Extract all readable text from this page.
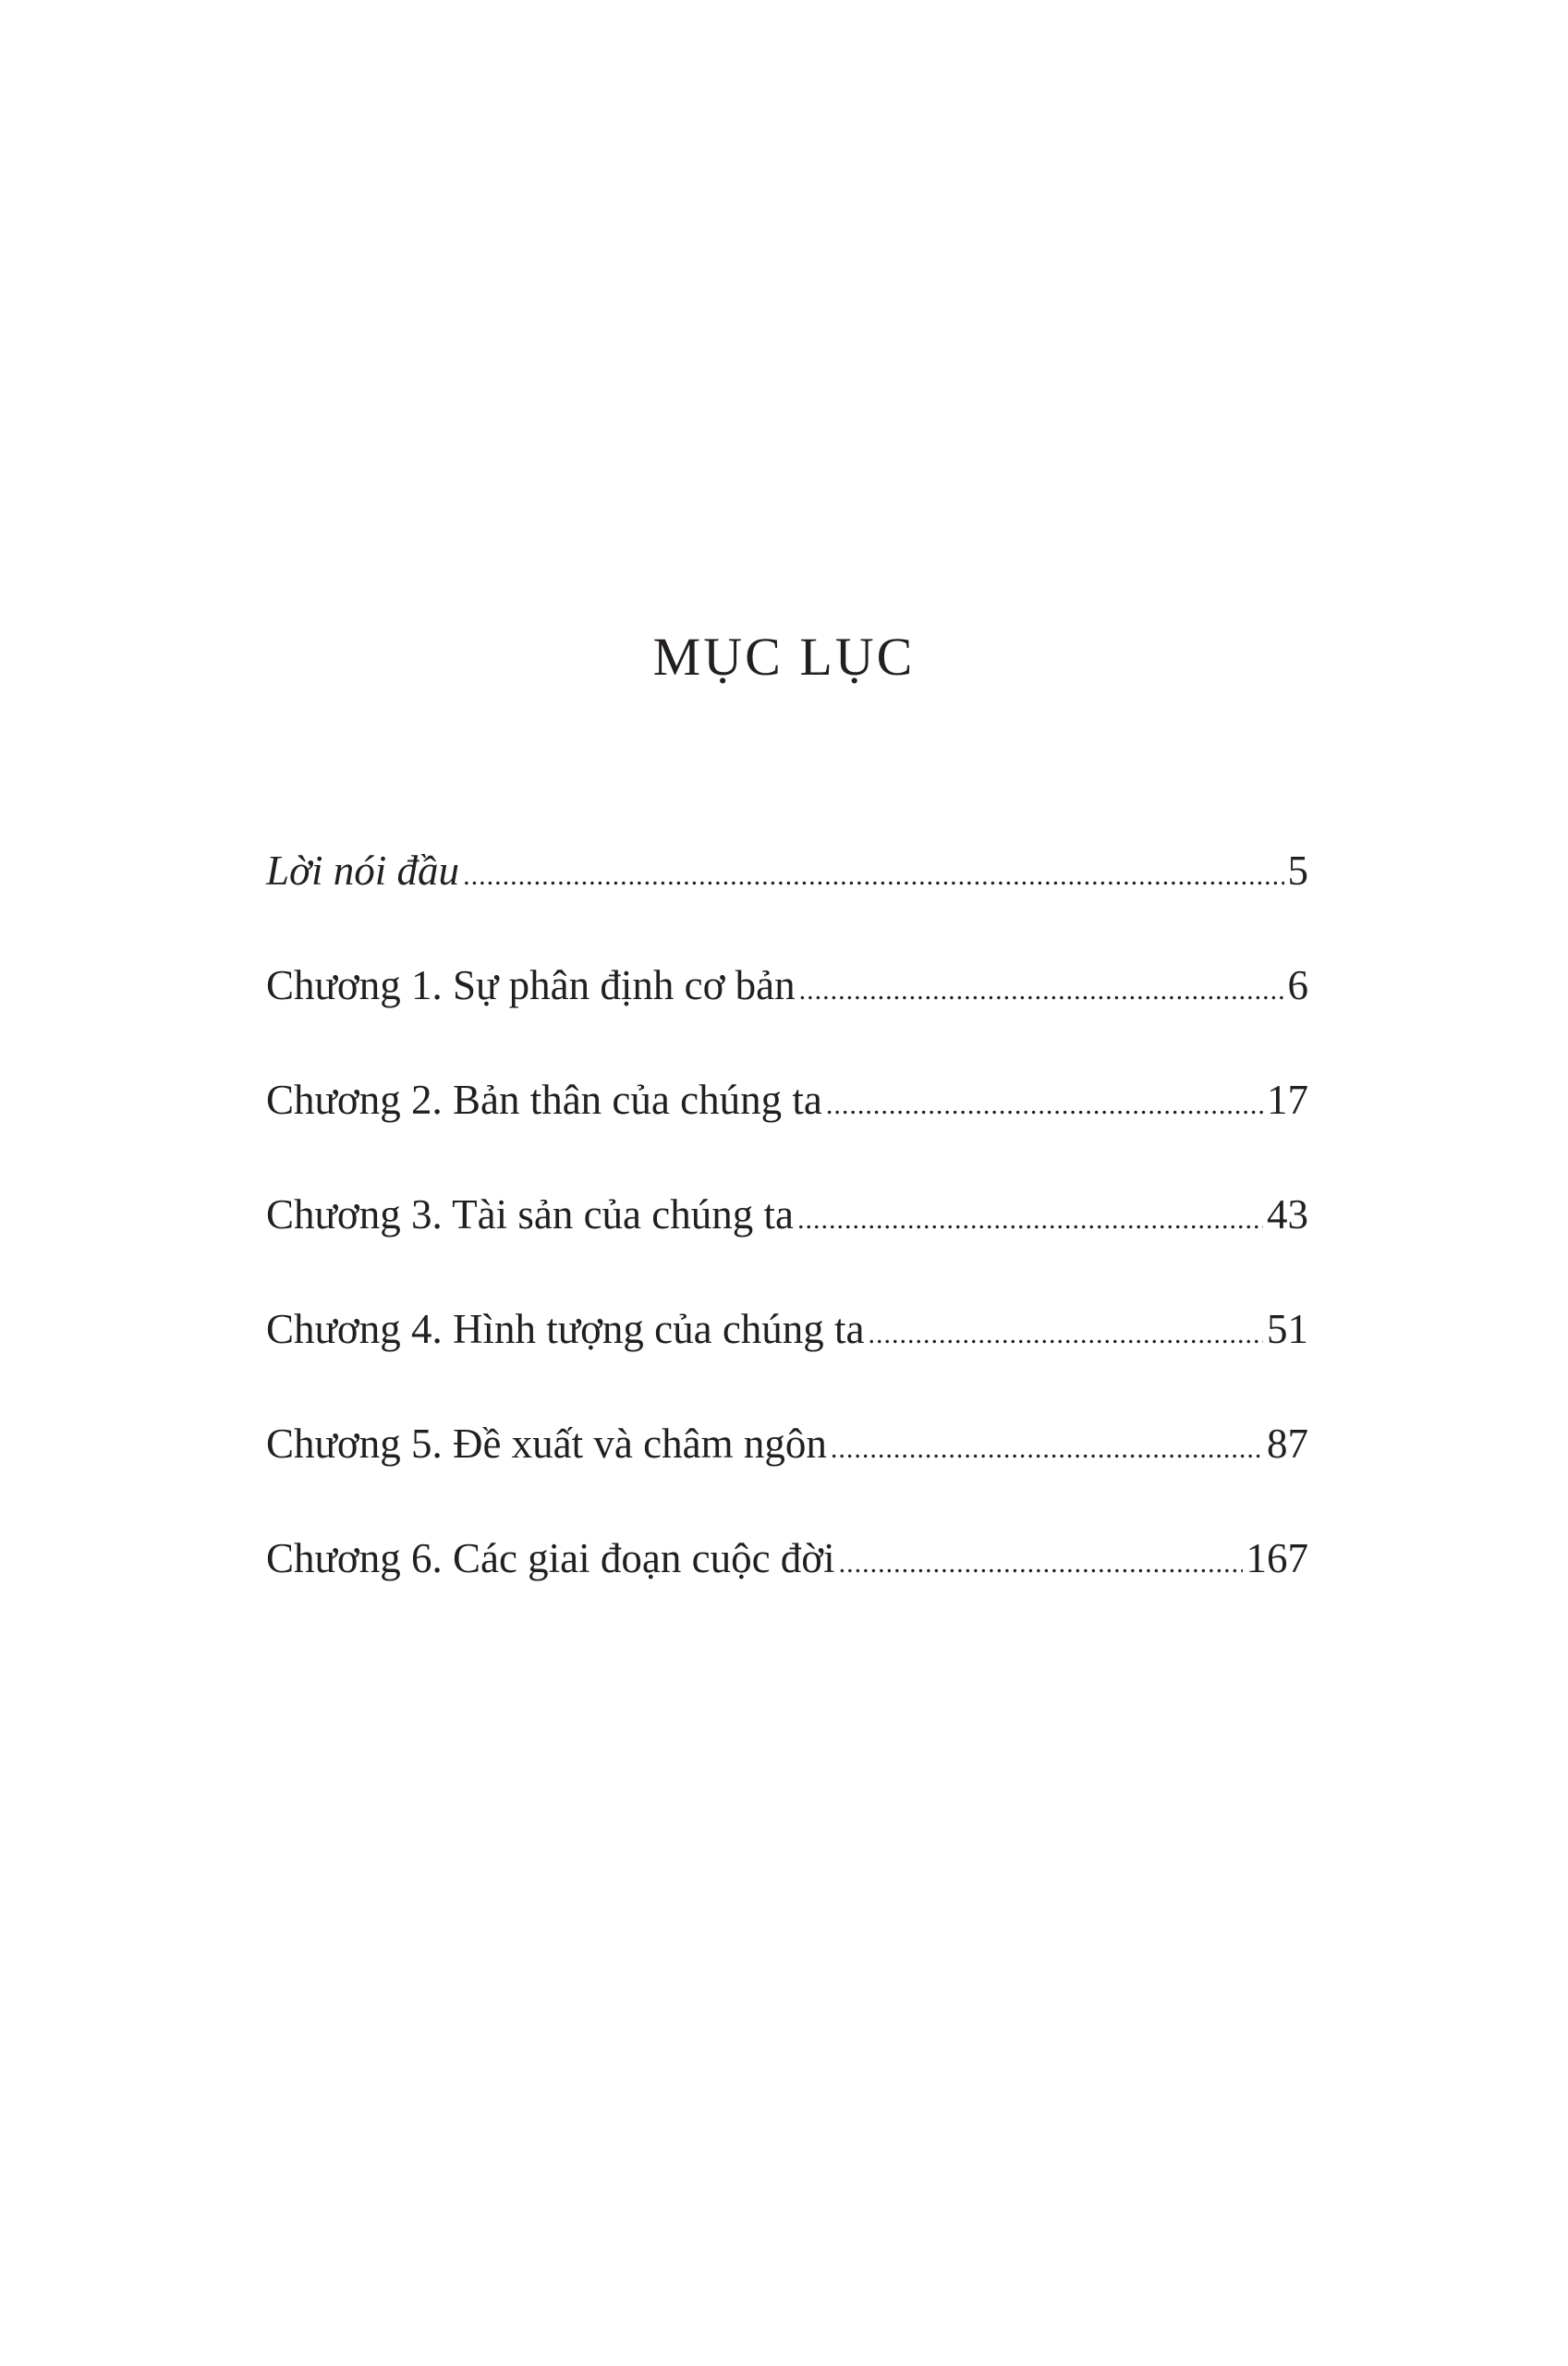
MỤC LỤC
Lời nói đầu .....	5
Chương 1. Sự phân định cơ bản .....	6
Chương 2. Bản thân của chúng ta .....	17
Chương 3. Tài sản của chúng ta .....	43
Chương 4. Hình tượng của chúng ta .....	51
Chương 5. Đề xuất và châm ngôn .....	87
Chương 6. Các giai đoạn cuộc đời .....	167
